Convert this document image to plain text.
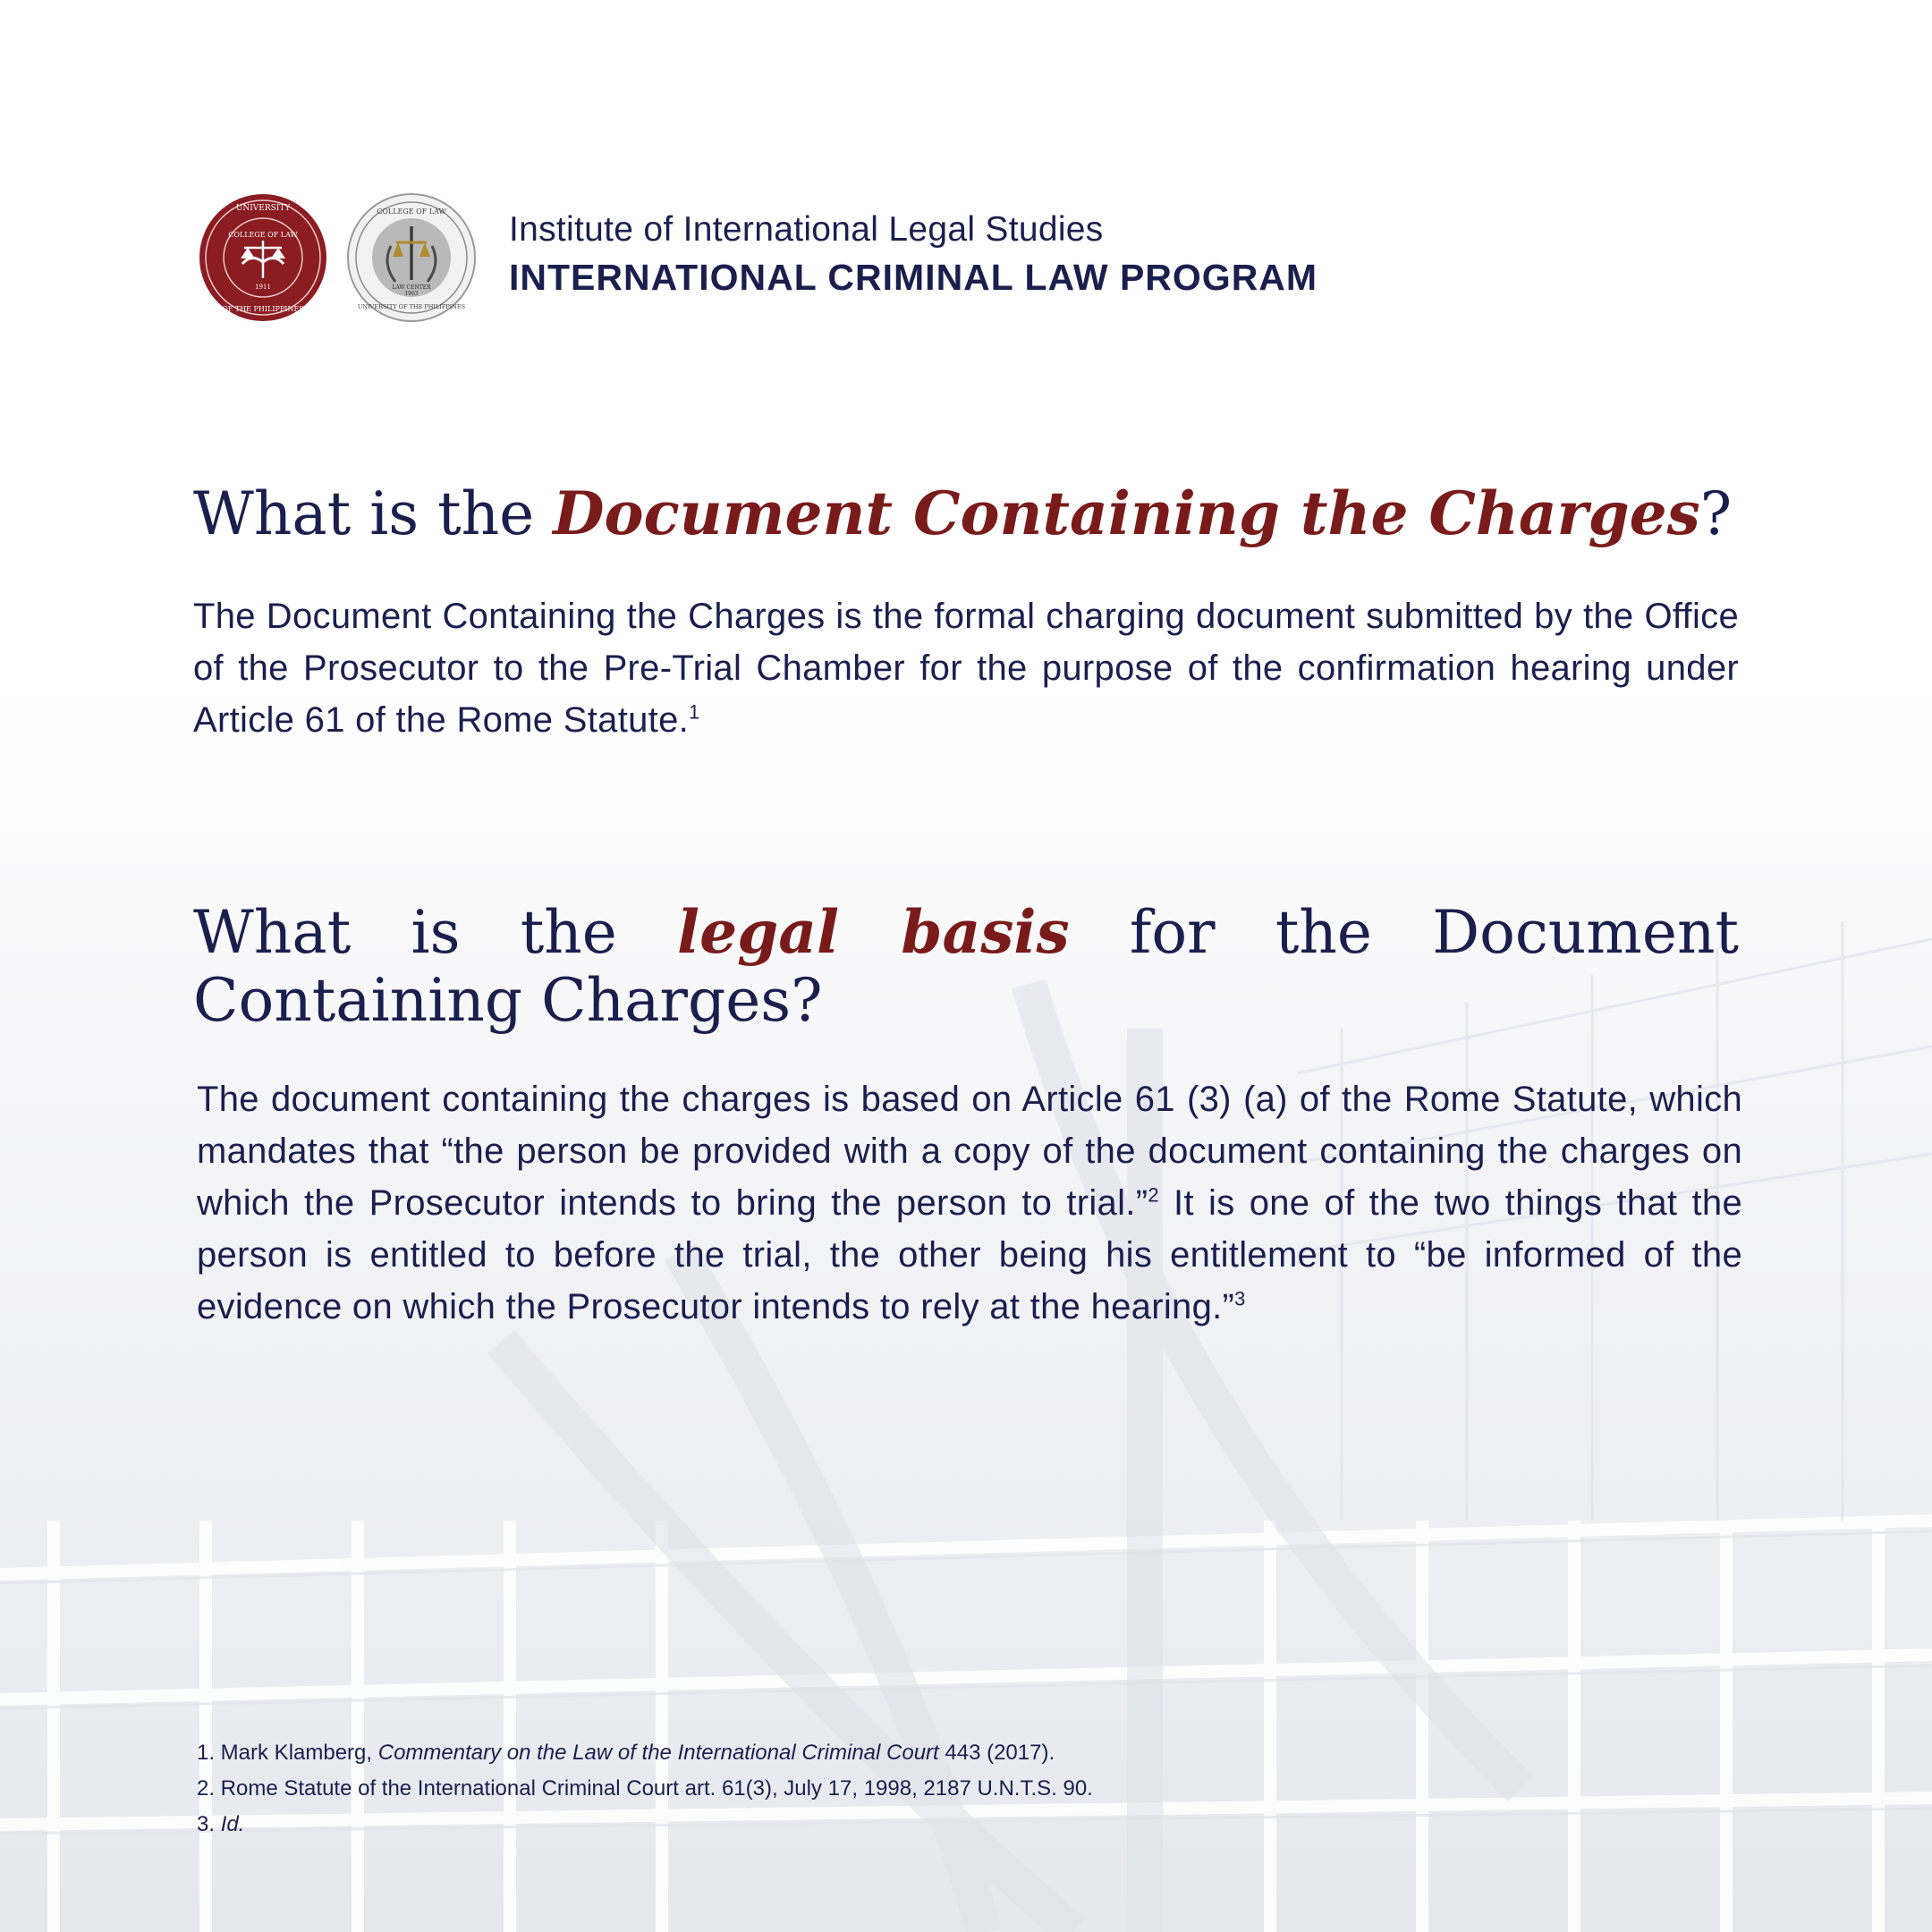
COLLEGE OF LAW
1911
UNIVERSITY
OF THE PHILIPPINES
LAW CENTER
1963
COLLEGE OF LAW
UNIVERSITY OF THE PHILIPPINES
Institute of International Legal Studies
INTERNATIONAL CRIMINAL LAW PROGRAM
What is the Document Containing the Charges?

The Document Containing the Charges is the formal charging document submitted by the Office of the Prosecutor to the Pre-Trial Chamber for the purpose of the confirmation hearing under Article 61 of the Rome Statute.$^1$

What is the legal basis for the Document Containing Charges?

The document containing the charges is based on Article 61 (3) (a) of the Rome Statute, which mandates that “the person be provided with a copy of the document containing the charges on which the Prosecutor intends to bring the person to trial.”$^2$ It is one of the two things that the person is entitled to before the trial, the other being his entitlement to “be informed of the evidence on which the Prosecutor intends to rely at the hearing.”$^3$

1. Mark Klamberg, Commentary on the Law of the International Criminal Court 443 (2017).
2. Rome Statute of the International Criminal Court art. 61(3), July 17, 1998, 2187 U.N.T.S. 90.
3. Id.
